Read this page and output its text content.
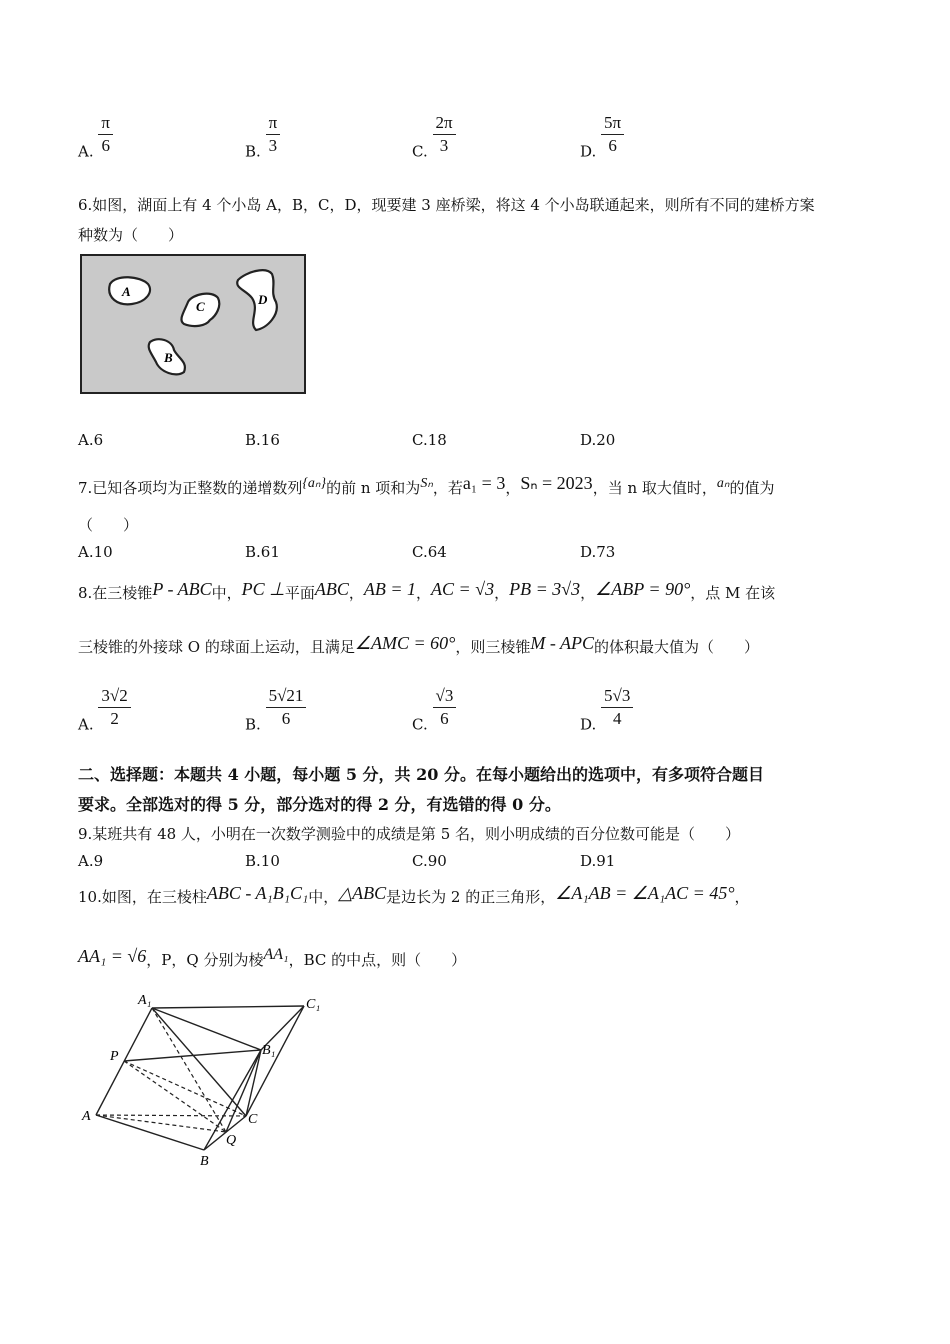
A. $\frac{\pi}{6}$	B. $\frac{\pi}{3}$	C. $\frac{2\pi}{3}$	D. $\frac{5\pi}{6}$
6.如图，湖面上有 4 个小岛 A，B，C，D，现要建 3 座桥梁，将这 4 个小岛联通起来，则所有不同的建桥方案
种数为（　　）
A
C	D
B
A.6	B.16	C.18	D.20
7.已知各项均为正整数的递增数列{aₙ}的前 n 项和为Sₙ，若a₁ = 3，Sₙ = 2023，当 n 取大值时，aₙ的值为
（　　）
A.10	B.61	C.64	D.73
8.在三棱锥P - ABC中，PC ⊥平面ABC，AB = 1，AC = √3，PB = 3√3，∠ABP = 90°，点 M 在该
三棱锥的外接球 O 的球面上运动，且满足∠AMC = 60°，则三棱锥M - APC的体积最大值为（　　）
A. $\frac{3√2}{2}$	B. $\frac{5√21}{6}$	C. $\frac{√3}{6}$	D. $\frac{5√3}{4}$
二、选择题：本题共 4 小题，每小题 5 分，共 20 分。在每小题给出的选项中，有多项符合题目
要求。全部选对的得 5 分，部分选对的得 2 分，有选错的得 0 分。
9.某班共有 48 人，小明在一次数学测验中的成绩是第 5 名，则小明成绩的百分位数可能是（　　）
A.9	B.10	C.90	D.91
10.如图，在三棱柱ABC - A₁B₁C₁中，△ABC是边长为 2 的正三角形，∠A₁AB = ∠A₁AC = 45°，
AA₁ = √6，P，Q 分别为棱AA₁，BC 的中点，则（　　）
A₁	C₁
P	B₁
A	C
Q
B
